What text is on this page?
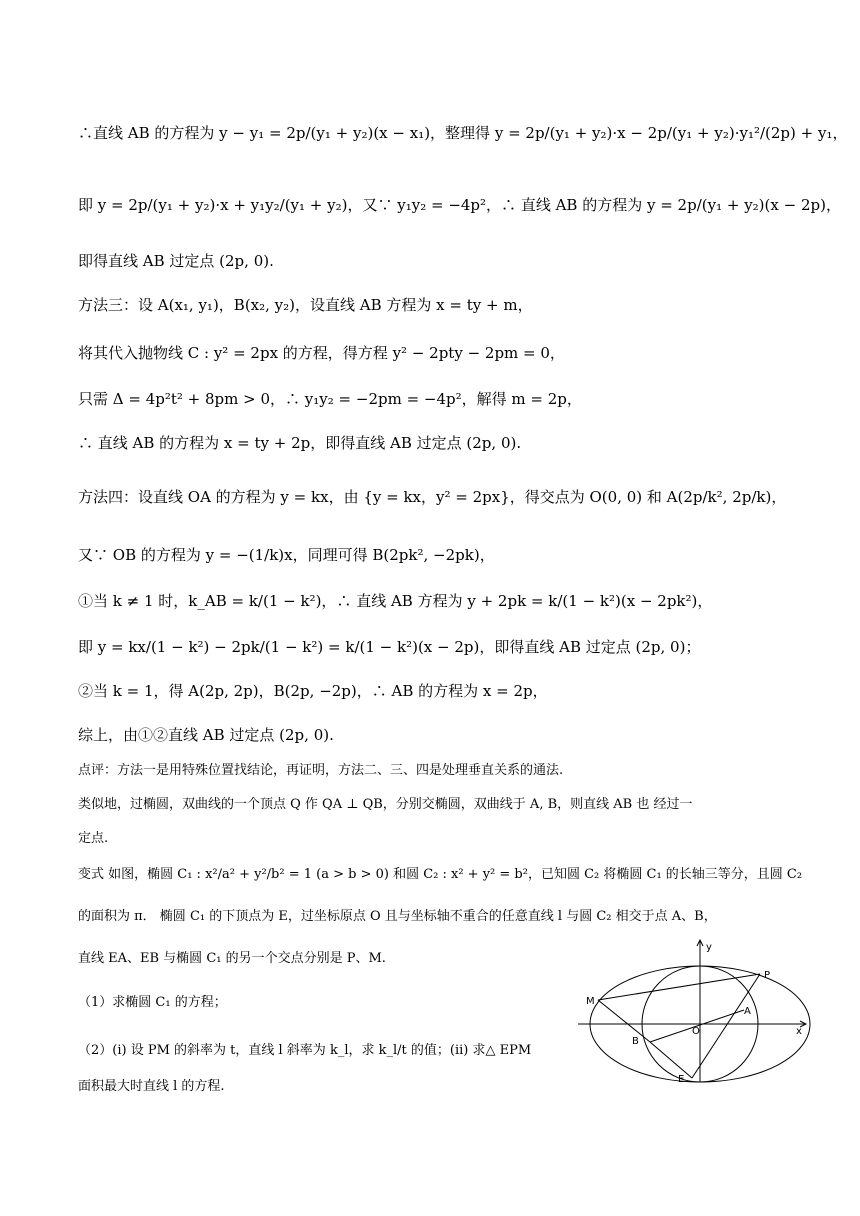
∴直线 AB 的方程为 y − y₁ = 2p/(y₁ + y₂)(x − x₁)，整理得 y = 2p/(y₁ + y₂)·x − 2p/(y₁ + y₂)·y₁²/(2p) + y₁，
即 y = 2p/(y₁ + y₂)·x + y₁y₂/(y₁ + y₂)，又∵ y₁y₂ = −4p²，∴ 直线 AB 的方程为 y = 2p/(y₁ + y₂)(x − 2p)，
即得直线 AB 过定点 (2p, 0).
方法三：设 A(x₁, y₁)，B(x₂, y₂)，设直线 AB 方程为 x = ty + m，
将其代入抛物线 C : y² = 2px 的方程，得方程 y² − 2pty − 2pm = 0，
只需 Δ = 4p²t² + 8pm > 0，∴ y₁y₂ = −2pm = −4p²，解得 m = 2p，
∴ 直线 AB 的方程为 x = ty + 2p，即得直线 AB 过定点 (2p, 0).
方法四：设直线 OA 的方程为 y = kx，由 {y = kx，y² = 2px}，得交点为 O(0, 0) 和 A(2p/k², 2p/k)，
又∵ OB 的方程为 y = −(1/k)x，同理可得 B(2pk², −2pk)，
①当 k ≠ 1 时，k_AB = k/(1 − k²)，∴ 直线 AB 方程为 y + 2pk = k/(1 − k²)(x − 2pk²)，
即 y = kx/(1 − k²) − 2pk/(1 − k²) = k/(1 − k²)(x − 2p)，即得直线 AB 过定点 (2p, 0)；
②当 k = 1，得 A(2p, 2p)，B(2p, −2p)，∴ AB 的方程为 x = 2p，
综上，由①②直线 AB 过定点 (2p, 0).
点评：方法一是用特殊位置找结论，再证明，方法二、三、四是处理垂直关系的通法.
类似地，过椭圆，双曲线的一个顶点 Q 作 QA ⊥ QB，分别交椭圆，双曲线于 A, B，则直线 AB 也 经过一
定点.
变式 如图，椭圆 C₁ : x²/a² + y²/b² = 1 (a > b > 0) 和圆 C₂ : x² + y² = b²，已知圆 C₂ 将椭圆 C₁ 的长轴三等分，且圆 C₂
的面积为 π． 椭圆 C₁ 的下顶点为 E，过坐标原点 O 且与坐标轴不重合的任意直线 l 与圆 C₂ 相交于点 A、B，
直线 EA、EB 与椭圆 C₁ 的另一个交点分别是 P、M.
（1）求椭圆 C₁ 的方程；
（2）(i) 设 PM 的斜率为 t，直线 l 斜率为 k_l，求 k_l/t 的值；(ii) 求△ EPM
面积最大时直线 l 的方程.
y
P
M
A
O
B
E
x
